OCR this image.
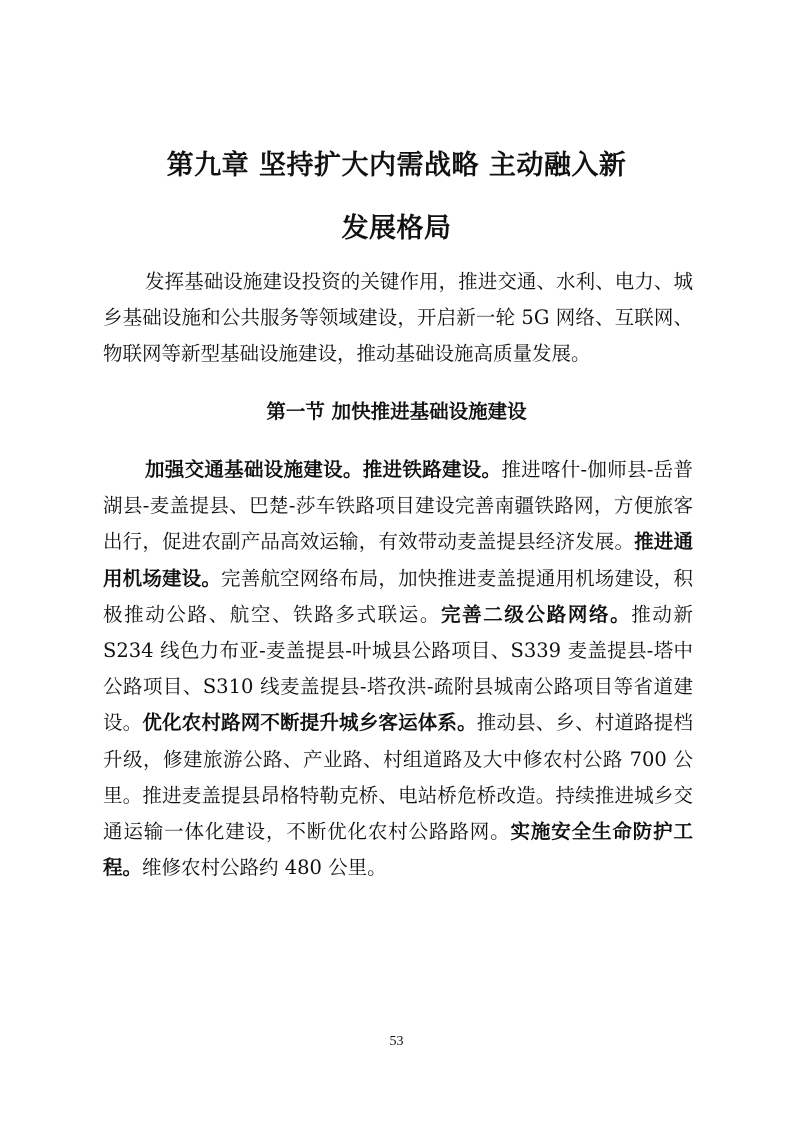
第九章 坚持扩大内需战略 主动融入新
发展格局

发挥基础设施建设投资的关键作用，推进交通、水利、电力、城乡基础设施和公共服务等领域建设，开启新一轮 5G 网络、互联网、物联网等新型基础设施建设，推动基础设施高质量发展。

第一节 加快推进基础设施建设

加强交通基础设施建设。推进铁路建设。推进喀什-伽师县-岳普湖县-麦盖提县、巴楚-莎车铁路项目建设完善南疆铁路网，方便旅客出行，促进农副产品高效运输，有效带动麦盖提县经济发展。推进通用机场建设。完善航空网络布局，加快推进麦盖提通用机场建设，积极推动公路、航空、铁路多式联运。完善二级公路网络。推动新 S234 线色力布亚-麦盖提县-叶城县公路项目、S339 麦盖提县-塔中公路项目、S310 线麦盖提县-塔孜洪-疏附县城南公路项目等省道建设。优化农村路网不断提升城乡客运体系。推动县、乡、村道路提档升级，修建旅游公路、产业路、村组道路及大中修农村公路 700 公里。推进麦盖提县昂格特勒克桥、电站桥危桥改造。持续推进城乡交通运输一体化建设，不断优化农村公路路网。实施安全生命防护工程。维修农村公路约 480 公里。

53
